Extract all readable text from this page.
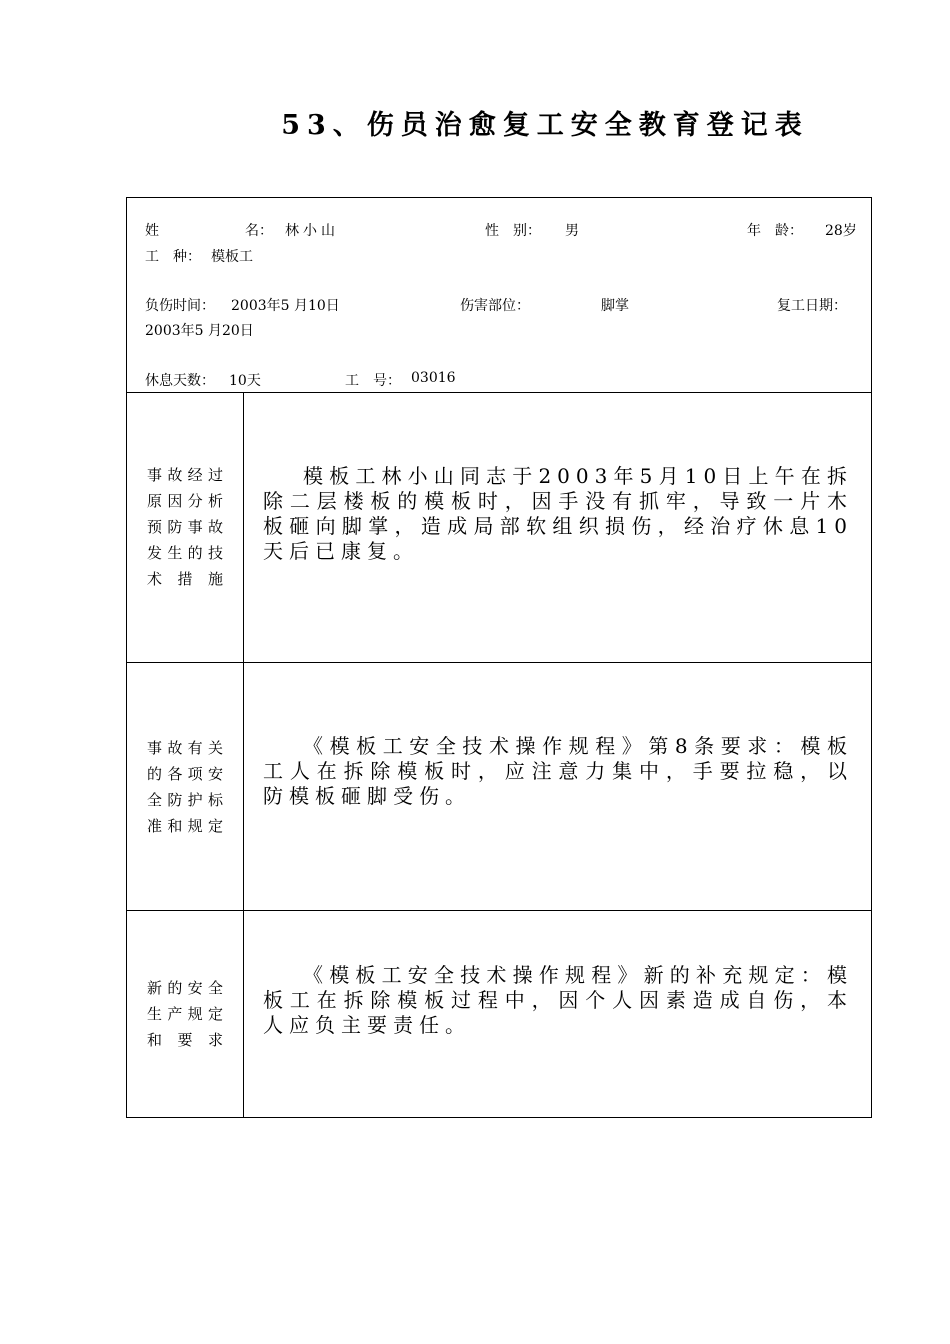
53、伤员治愈复工安全教育登记表
姓	名： 林小山	性　别： 男	年　龄： 28岁
工　种： 模板工
负伤时间： 2003年5 月10日	伤害部位：	脚掌	复工日期：
2003年5 月20日
休息天数： 10天	工　号： 03016
事故经过
原因分析
预防事故
发生的技
术　措　施

模板工林小山同志于2003年5月10日上午在拆除二层楼板的模板时，因手没有抓牢，导致一片木板砸向脚掌，造成局部软组织损伤，经治疗休息10天后已康复。

事故有关
的各项安
全防护标
准和规定

《模板工安全技术操作规程》第8条要求：模板工人在拆除模板时，应注意力集中，手要拉稳，以防模板砸脚受伤。

新的安全
生产规定
和　要　求

《模板工安全技术操作规程》新的补充规定：模板工在拆除模板过程中，因个人因素造成自伤，本人应负主要责任。
